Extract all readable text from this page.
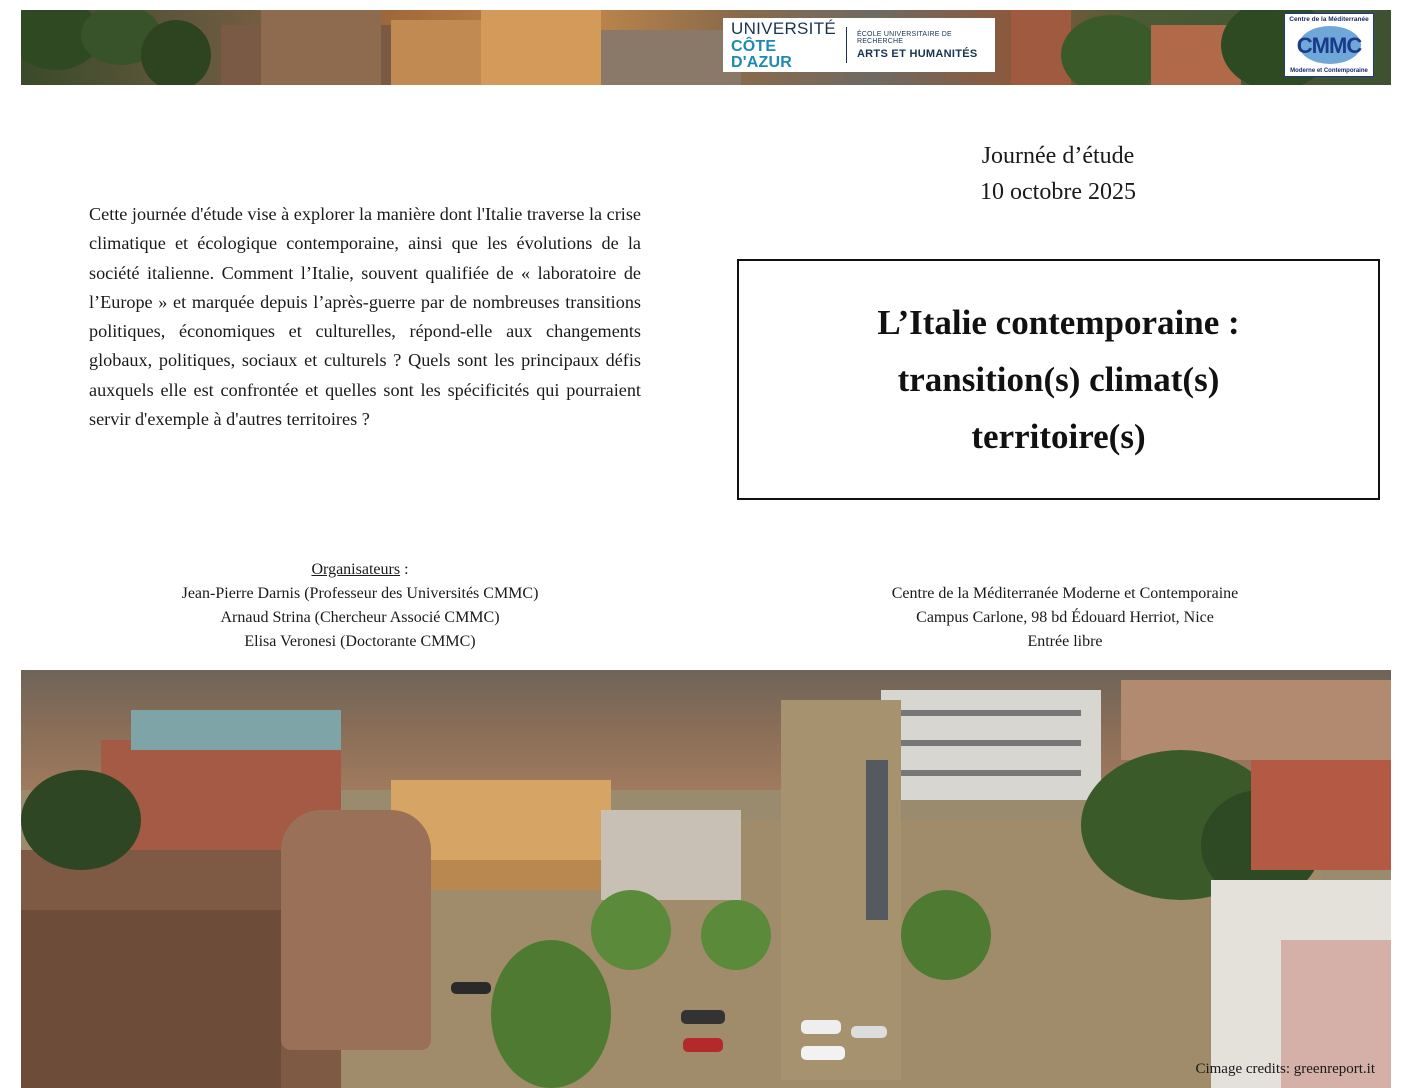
UNIVERSITÉ
CÔTE D'AZUR
ÉCOLE UNIVERSITAIRE DE RECHERCHE
ARTS ET HUMANITÉS
Centre de la Méditerranée
CMMC
Moderne et Contemporaine

Cette journée d'étude vise à explorer la manière dont l'Italie traverse la crise climatique et écologique contemporaine, ainsi que les évolutions de la société italienne. Comment l’Italie, souvent qualifiée de « laboratoire de l’Europe » et marquée depuis l’après-guerre par de nombreuses transitions politiques, économiques et culturelles, répond-elle aux changements globaux, politiques, sociaux et culturels ? Quels sont les principaux défis auxquels elle est confrontée et quelles sont les spécificités qui pourraient servir d'exemple à d'autres territoires ?

Journée d’étude
10 octobre 2025
L’Italie contemporaine :
transition(s) climat(s)
territoire(s)
Organisateurs :
Jean-Pierre Darnis (Professeur des Universités CMMC)
Arnaud Strina (Chercheur Associé CMMC)
Elisa Veronesi (Doctorante CMMC)
Centre de la Méditerranée Moderne et Contemporaine
Campus Carlone, 98 bd Édouard Herriot, Nice
Entrée libre
Cimage credits: greenreport.it
